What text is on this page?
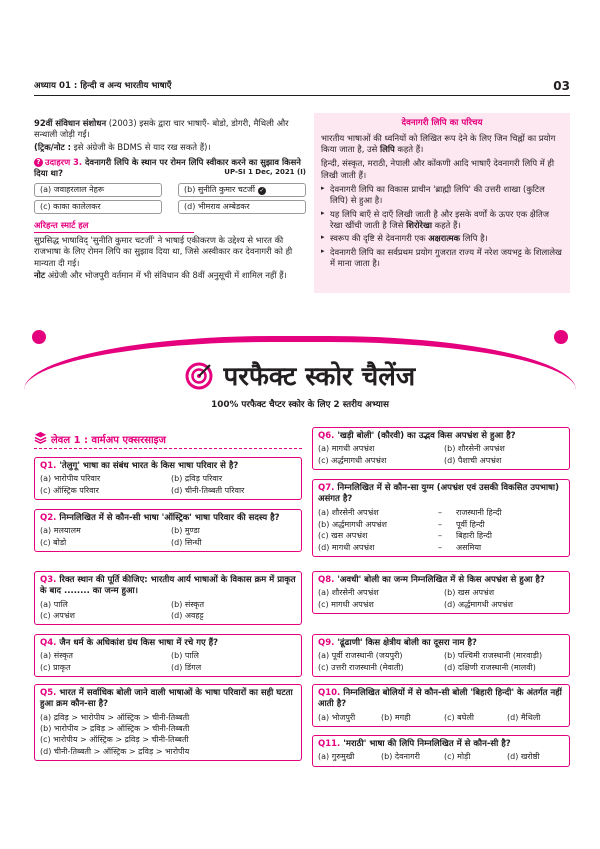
अध्याय 01 : हिन्दी व अन्य भारतीय भाषाएँ	03

92वीं संविधान संशोधन (2003) इसके द्वारा चार भाषाएँ- बोडो, डोगरी, मैथिली और सन्थाली जोड़ी गईं।

(ट्रिक/नोट : इसे अंग्रेजी के BDMS से याद रख सकते हैं)।

? उदाहरण 3. देवनागरी लिपि के स्थान पर रोमन लिपि स्वीकार करने का सुझाव किसने दिया था?	UP-SI 1 Dec, 2021 (I)

(a) जवाहरलाल नेहरू	(b) सुनीति कुमार चटर्जी ✓
(c) काका कालेलकर	(d) भीमराव अम्बेडकर

अरिहन्त स्मार्ट हल

सुप्रसिद्ध भाषाविद् 'सुनीति कुमार चटर्जी' ने भाषाई एकीकरण के उद्देश्य से भारत की राजभाषा के लिए रोमन लिपि का सुझाव दिया था, जिसे अस्वीकार कर देवनागरी को ही मान्यता दी गई।

नोट अंग्रेजी और भोजपुरी वर्तमान में भी संविधान की 8वीं अनुसूची में शामिल नहीं हैं।

देवनागरी लिपि का परिचय

भारतीय भाषाओं की ध्वनियों को लिखित रूप देने के लिए जिन चिह्नों का प्रयोग किया जाता है, उसे लिपि कहते हैं।

हिन्दी, संस्कृत, मराठी, नेपाली और कोंकणी आदि भाषाएँ देवनागरी लिपि में ही लिखी जाती हैं।

▸ देवनागरी लिपि का विकास प्राचीन 'ब्राह्मी लिपि' की उत्तरी शाखा (कुटिल लिपि) से हुआ है।
▸ यह लिपि बाएँ से दाएँ लिखी जाती है और इसके वर्णों के ऊपर एक क्षैतिज रेखा खींची जाती है जिसे शिरोरेखा कहते हैं।
▸ स्वरूप की दृष्टि से देवनागरी एक अक्षरात्मक लिपि है।
▸ देवनागरी लिपि का सर्वप्रथम प्रयोग गुजरात राज्य में नरेश जयभट्ट के शिलालेख में माना जाता है।
परफैक्ट स्कोर चैलेंज
100% परफैक्ट चैप्टर स्कोर के लिए 2 स्तरीय अभ्यास
लेवल 1 : वार्मअप एक्सरसाइज
Q1. 'तेलुगू' भाषा का संबंध भारत के किस भाषा परिवार से है?
(a) भारोपीय परिवार	(b) द्रविड़ परिवार
(c) ऑस्ट्रिक परिवार	(d) चीनी-तिब्बती परिवार
Q2. निम्नलिखित में से कौन-सी भाषा 'ऑस्ट्रिक' भाषा परिवार की सदस्य है?
(a) मलयालम	(b) मुण्डा
(c) बोडो	(d) सिन्धी
Q3. रिक्त स्थान की पूर्ति कीजिए: भारतीय आर्य भाषाओं के विकास क्रम में प्राकृत के बाद ........ का जन्म हुआ।
(a) पालि	(b) संस्कृत
(c) अपभ्रंश	(d) अवहट्ट
Q4. जैन धर्म के अधिकांश ग्रंथ किस भाषा में रचे गए हैं?
(a) संस्कृत	(b) पालि
(c) प्राकृत	(d) डिंगल
Q5. भारत में सर्वाधिक बोली जाने वाली भाषाओं के भाषा परिवारों का सही घटता हुआ क्रम कौन-सा है?
(a) द्रविड़ > भारोपीय > ऑस्ट्रिक > चीनी-तिब्बती
(b) भारोपीय > द्रविड़ > ऑस्ट्रिक > चीनी-तिब्बती
(c) भारोपीय > ऑस्ट्रिक > द्रविड़ > चीनी-तिब्बती
(d) चीनी-तिब्बती > ऑस्ट्रिक > द्रविड़ > भारोपीय
Q6. 'खड़ी बोली' (कौरवी) का उद्भव किस अपभ्रंश से हुआ है?
(a) मागधी अपभ्रंश	(b) शौरसेनी अपभ्रंश
(c) अर्द्धमागधी अपभ्रंश	(d) पैशाची अपभ्रंश
Q7. निम्नलिखित में से कौन-सा युग्म (अपभ्रंश एवं उसकी विकसित उपभाषा) असंगत है?
(a) शौरसेनी अपभ्रंश	–	राजस्थानी हिन्दी
(b) अर्द्धमागधी अपभ्रंश	–	पूर्वी हिन्दी
(c) खस अपभ्रंश	–	बिहारी हिन्दी
(d) मागधी अपभ्रंश	–	असमिया
Q8. 'अवधी' बोली का जन्म निम्नलिखित में से किस अपभ्रंश से हुआ है?
(a) शौरसेनी अपभ्रंश	(b) खस अपभ्रंश
(c) मागधी अपभ्रंश	(d) अर्द्धमागधी अपभ्रंश
Q9. 'ढूंढाणी' किस क्षेत्रीय बोली का दूसरा नाम है?
(a) पूर्वी राजस्थानी (जयपुरी)	(b) पश्चिमी राजस्थानी (मारवाड़ी)
(c) उत्तरी राजस्थानी (मेवाती)	(d) दक्षिणी राजस्थानी (मालवी)
Q10. निम्नलिखित बोलियों में से कौन-सी बोली 'बिहारी हिन्दी' के अंतर्गत नहीं आती है?
(a) भोजपुरी	(b) मगही	(c) बघेली	(d) मैथिली
Q11. 'मराठी' भाषा की लिपि निम्नलिखित में से कौन-सी है?
(a) गुरुमुखी	(b) देवनागरी	(c) मोड़ी	(d) खरोष्ठी
